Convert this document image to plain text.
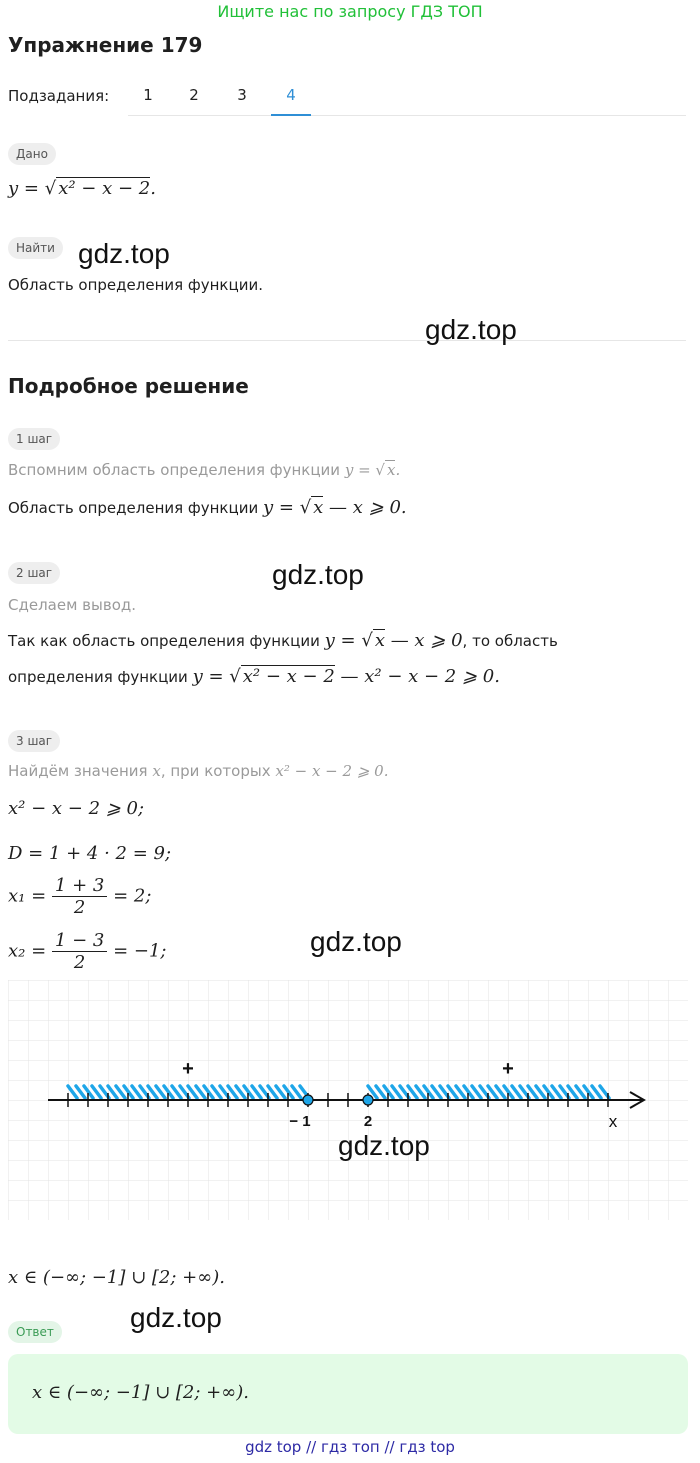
Ищите нас по запросу ГДЗ ТОП
Упражнение 179
Подзадания:	1	2	3	4
Дано
y = √ x² − x − 2.
Найти
Область определения функции.
Подробное решение
1 шаг
Вспомним область определения функции y = √ x.
Область определения функции y = √ x — x ⩾ 0.
2 шаг
Сделаем вывод.
Так как область определения функции y = √ x — x ⩾ 0, то область
определения функции y = √ x² − x − 2 — x² − x − 2 ⩾ 0.
3 шаг
Найдём значения x, при которых x² − x − 2 ⩾ 0.
x² − x − 2 ⩾ 0;
D = 1 + 4 · 2 = 9;
$x_1 = \frac{1 + 3}{2} = 2$;
$x_2 = \frac{1 - 3}{2} = -1$;
− 1	2
+	+
x
x ∈ (−∞; −1] ∪ [2; +∞).
Ответ
x ∈ (−∞; −1] ∪ [2; +∞).
gdz.top
gdz.top
gdz.top
gdz.top
gdz.top
gdz.top
gdz top // гдз топ // гдз top
